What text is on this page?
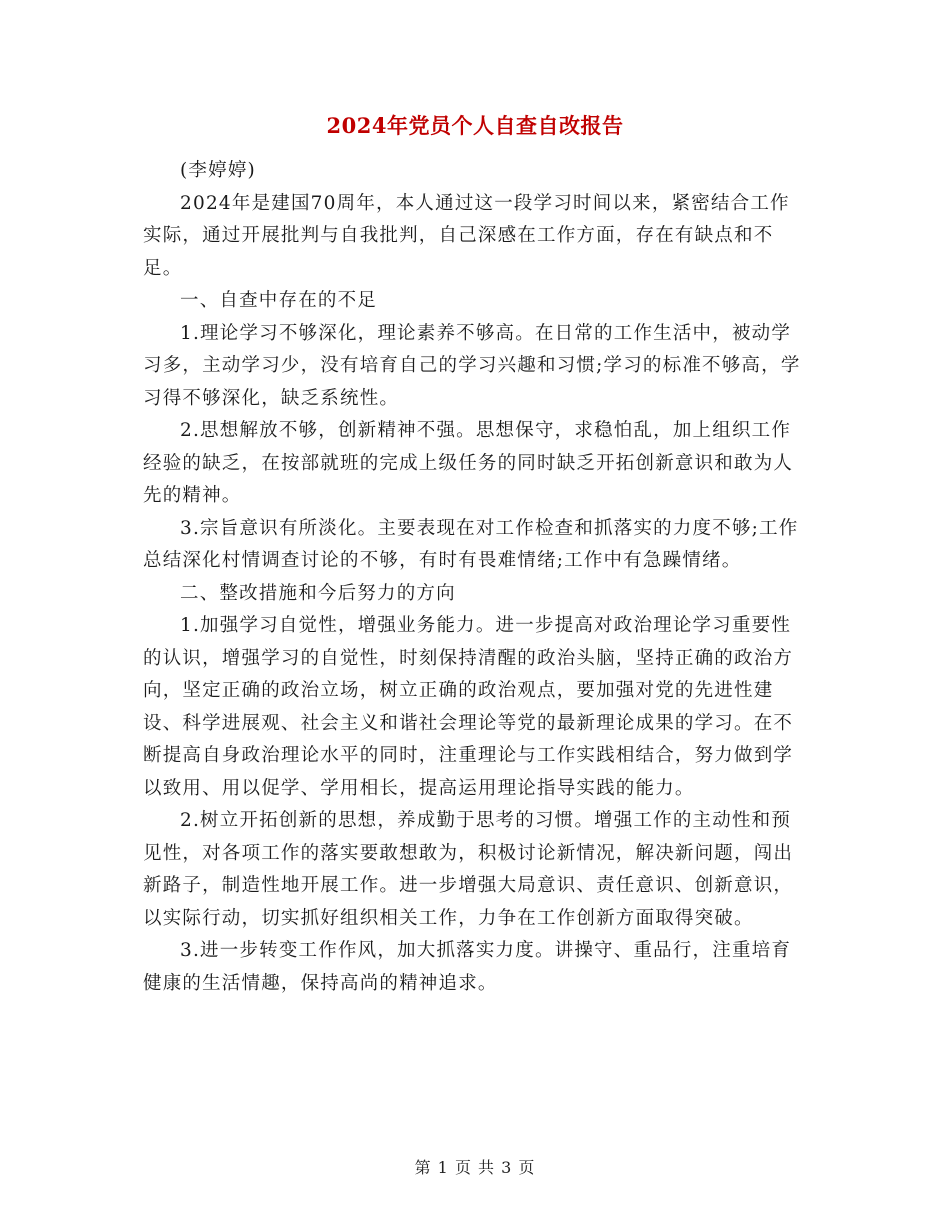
2024年党员个人自查自改报告

(李婷婷)

2024年是建国70周年，本人通过这一段学习时间以来，紧密结合工作实际，通过开展批判与自我批判，自己深感在工作方面，存在有缺点和不足。

一、自查中存在的不足

1.理论学习不够深化，理论素养不够高。在日常的工作生活中，被动学习多，主动学习少，没有培育自己的学习兴趣和习惯;学习的标准不够高，学习得不够深化，缺乏系统性。

2.思想解放不够，创新精神不强。思想保守，求稳怕乱，加上组织工作经验的缺乏，在按部就班的完成上级任务的同时缺乏开拓创新意识和敢为人先的精神。

3.宗旨意识有所淡化。主要表现在对工作检查和抓落实的力度不够;工作总结深化村情调查讨论的不够，有时有畏难情绪;工作中有急躁情绪。

二、整改措施和今后努力的方向

1.加强学习自觉性，增强业务能力。进一步提高对政治理论学习重要性的认识，增强学习的自觉性，时刻保持清醒的政治头脑，坚持正确的政治方向，坚定正确的政治立场，树立正确的政治观点，要加强对党的先进性建设、科学进展观、社会主义和谐社会理论等党的最新理论成果的学习。在不断提高自身政治理论水平的同时，注重理论与工作实践相结合，努力做到学以致用、用以促学、学用相长，提高运用理论指导实践的能力。

2.树立开拓创新的思想，养成勤于思考的习惯。增强工作的主动性和预见性，对各项工作的落实要敢想敢为，积极讨论新情况，解决新问题，闯出新路子，制造性地开展工作。进一步增强大局意识、责任意识、创新意识，以实际行动，切实抓好组织相关工作，力争在工作创新方面取得突破。

3.进一步转变工作作风，加大抓落实力度。讲操守、重品行，注重培育健康的生活情趣，保持高尚的精神追求。

第 1 页 共 3 页
